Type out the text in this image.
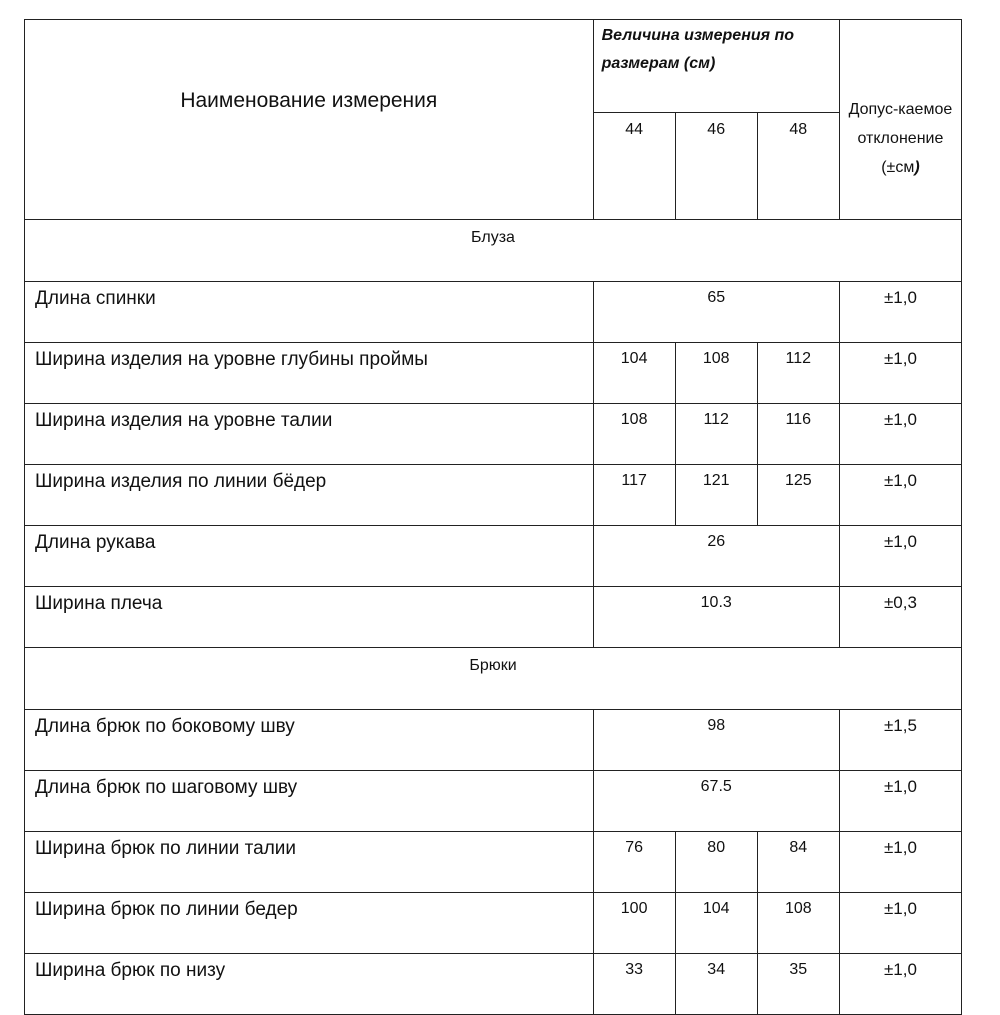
Наименование измерения	Величина измерения по размерам (см)			Допус-каемое отклонение (±см)
	44	46	48	
Блуза				
Длина спинки	65			±1,0
Ширина изделия на уровне глубины проймы	104	108	112	±1,0
Ширина изделия на уровне талии	108	112	116	±1,0
Ширина изделия по линии бёдер	117	121	125	±1,0
Длина рукава	26			±1,0
Ширина плеча	10.3			±0,3
Брюки				
Длина брюк по боковому шву	98			±1,5
Длина брюк по шаговому шву	67.5			±1,0
Ширина брюк по линии талии	76	80	84	±1,0
Ширина брюк по линии бедер	100	104	108	±1,0
Ширина брюк по низу	33	34	35	±1,0
